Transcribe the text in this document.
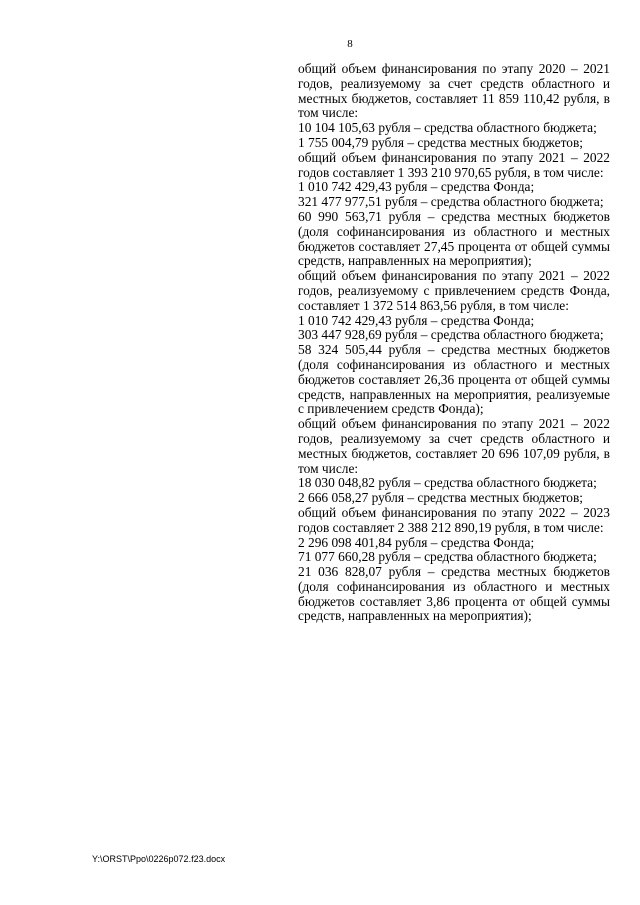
8

общий объем финансирования по этапу 2020 – 2021 годов, реализуемому за счет средств областного и местных бюджетов, составляет 11 859 110,42 рубля, в том числе:

10 104 105,63 рубля – средства областного бюджета;

1 755 004,79 рубля – средства местных бюджетов;

общий объем финансирования по этапу 2021 – 2022 годов составляет 1 393 210 970,65 рубля, в том числе:

1 010 742 429,43 рубля – средства Фонда;

321 477 977,51 рубля – средства областного бюджета;

60 990 563,71 рубля – средства местных бюджетов (доля софинансирования из областного и местных бюджетов составляет 27,45 процента от общей суммы средств, направленных на мероприятия);

общий объем финансирования по этапу 2021 – 2022 годов, реализуемому с привлечением средств Фонда, составляет 1 372 514 863,56 рубля, в том числе:

1 010 742 429,43 рубля – средства Фонда;

303 447 928,69 рубля – средства областного бюджета;

58 324 505,44 рубля – средства местных бюджетов (доля софинансирования из областного и местных бюджетов составляет 26,36 процента от общей суммы средств, направленных на мероприятия, реализуемые с привлечением средств Фонда);

общий объем финансирования по этапу 2021 – 2022 годов, реализуемому за счет средств областного и местных бюджетов, составляет 20 696 107,09 рубля, в том числе:

18 030 048,82 рубля – средства областного бюджета;

2 666 058,27 рубля – средства местных бюджетов;

общий объем финансирования по этапу 2022 – 2023 годов составляет 2 388 212 890,19 рубля, в том числе:

2 296 098 401,84 рубля – средства Фонда;

71 077 660,28 рубля – средства областного бюджета;

21 036 828,07 рубля – средства местных бюджетов (доля софинансирования из областного и местных бюджетов составляет 3,86 процента от общей суммы средств, направленных на мероприятия);

Y:\ORST\Ppo\0226p072.f23.docx
